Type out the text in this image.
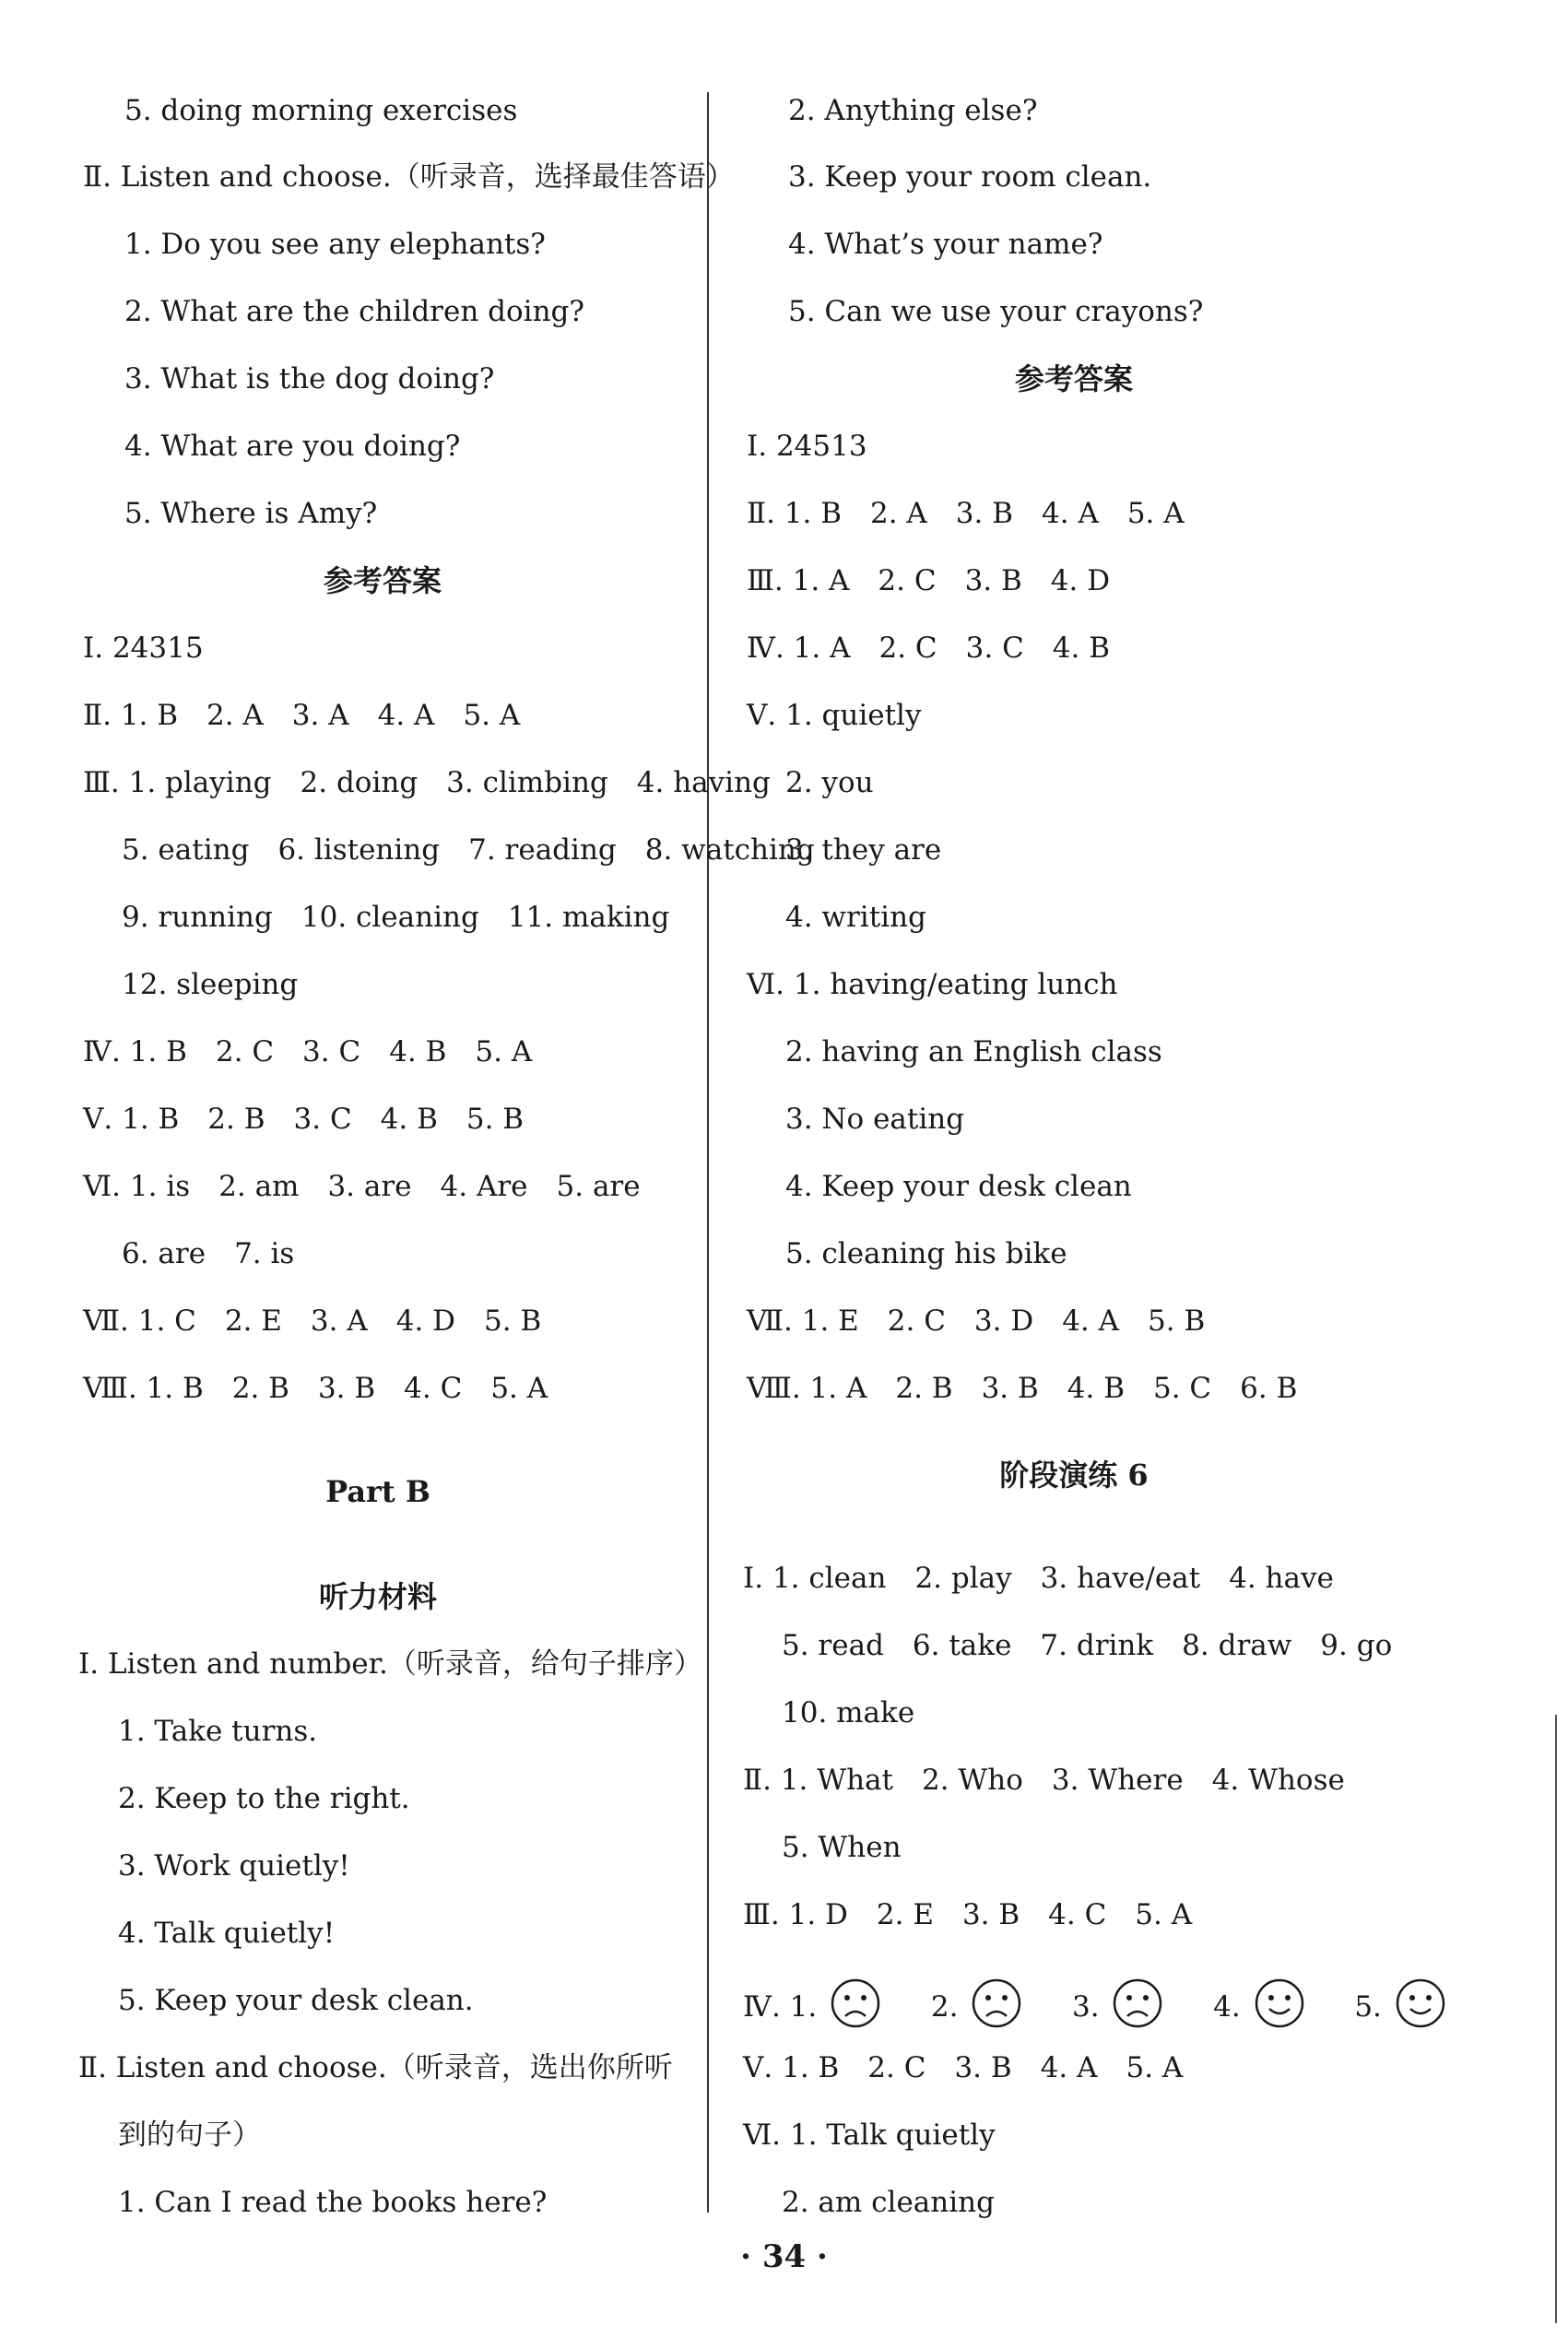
5. doing morning exercises
Ⅱ. Listen and choose.（听录音，选择最佳答语）
1. Do you see any elephants?
2. What are the children doing?
3. What is the dog doing?
4. What are you doing?
5. Where is Amy?
参考答案
Ⅰ. 24315
Ⅱ. 1. B　2. A　3. A　4. A　5. A
Ⅲ. 1. playing　2. doing　3. climbing　4. having
5. eating　6. listening　7. reading　8. watching
9. running　10. cleaning　11. making
12. sleeping
Ⅳ. 1. B　2. C　3. C　4. B　5. A
Ⅴ. 1. B　2. B　3. C　4. B　5. B
Ⅵ. 1. is　2. am　3. are　4. Are　5. are
6. are　7. is
Ⅶ. 1. C　2. E　3. A　4. D　5. B
Ⅷ. 1. B　2. B　3. B　4. C　5. A
Part B
听力材料
Ⅰ. Listen and number.（听录音，给句子排序）
1. Take turns.
2. Keep to the right.
3. Work quietly!
4. Talk quietly!
5. Keep your desk clean.
Ⅱ. Listen and choose.（听录音，选出你所听
到的句子）
1. Can I read the books here?
2. Anything else?
3. Keep your room clean.
4. What’s your name?
5. Can we use your crayons?
参考答案
Ⅰ. 24513
Ⅱ. 1. B　2. A　3. B　4. A　5. A
Ⅲ. 1. A　2. C　3. B　4. D
Ⅳ. 1. A　2. C　3. C　4. B
Ⅴ. 1. quietly
2. you
3. they are
4. writing
Ⅵ. 1. having/eating lunch
2. having an English class
3. No eating
4. Keep your desk clean
5. cleaning his bike
Ⅶ. 1. E　2. C　3. D　4. A　5. B
Ⅷ. 1. A　2. B　3. B　4. B　5. C　6. B
阶段演练 6
Ⅰ. 1. clean　2. play　3. have/eat　4. have
5. read　6. take　7. drink　8. draw　9. go
10. make
Ⅱ. 1. What　2. Who　3. Where　4. Whose
5. When
Ⅲ. 1. D　2. E　3. B　4. C　5. A
Ⅳ. 1.	2.	3.	4.	5.
Ⅴ. 1. B　2. C　3. B　4. A　5. A
Ⅵ. 1. Talk quietly
2. am cleaning
· 34 ·
